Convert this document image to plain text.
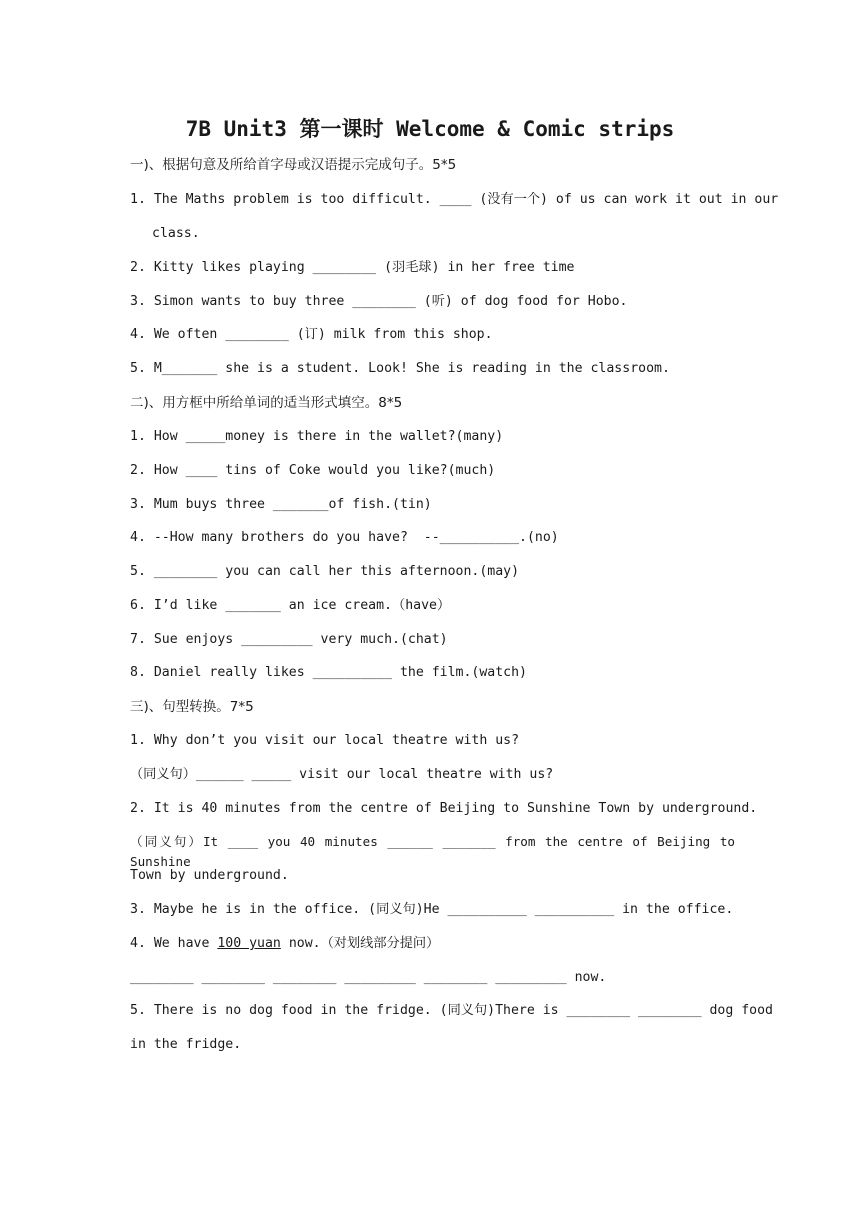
7B Unit3 第一课时 Welcome & Comic strips
一)、根据句意及所给首字母或汉语提示完成句子。5*5
1. The Maths problem is too difficult. ____ (没有一个) of us can work it out in our
class.
2. Kitty likes playing ________ (羽毛球) in her free time
3. Simon wants to buy three ________ (听) of dog food for Hobo.
4. We often ________ (订) milk from this shop.
5. M_______ she is a student. Look! She is reading in the classroom.
二)、用方框中所给单词的适当形式填空。8*5
1. How _____money is there in the wallet?(many)
2. How ____ tins of Coke would you like?(much)
3. Mum buys three _______of fish.(tin)
4. --How many brothers do you have?  --__________.(no)
5. ________ you can call her this afternoon.(may)
6. I’d like _______ an ice cream.（have）
7. Sue enjoys _________ very much.(chat)
8. Daniel really likes __________ the film.(watch)
三)、句型转换。7*5
1. Why don’t you visit our local theatre with us?
（同义句）______ _____ visit our local theatre with us?
2. It is 40 minutes from the centre of Beijing to Sunshine Town by underground.
（同义句）It ____ you 40 minutes ______ _______ from the centre of Beijing to Sunshine
Town by underground.
3. Maybe he is in the office. (同义句)He __________ __________ in the office.
4. We have 100 yuan now.（对划线部分提问）
________ ________ ________ _________ ________ _________ now.
5. There is no dog food in the fridge. (同义句)There is ________ ________ dog food
in the fridge.
